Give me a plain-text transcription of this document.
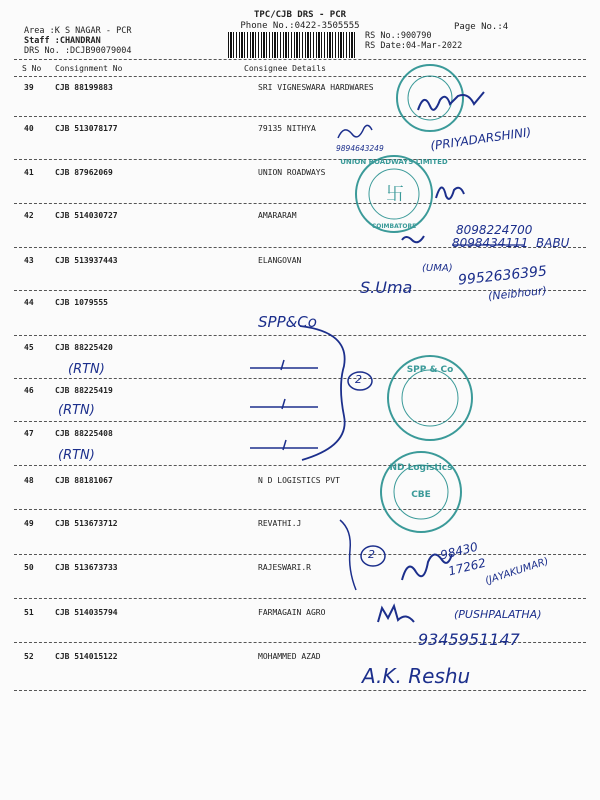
TPC/CJB DRS - PCR
Phone No.:0422-3505555
Area :K S NAGAR - PCR
Staff :CHANDRAN
DRS No. :DCJB90079004
RS No.:900790
RS Date:04-Mar-2022
Page No.:4
S No Consignment No	Consignee Details
39	CJB 88199883	SRI VIGNESWARA HARDWARES
40	CJB 513078177	79135 NITHYA
41	CJB 87962069	UNION ROADWAYS
42	CJB 514030727	AMARARAM
43	CJB 513937443	ELANGOVAN
44	CJB 1079555
45	CJB 88225420
46	CJB 88225419
47	CJB 88225408
48	CJB 88181067	N D LOGISTICS PVT
49	CJB 513673712	REVATHI.J
50	CJB 513673733	RAJESWARI.R
51	CJB 514035794	FARMAGAIN AGRO
52	CJB 514015122	MOHAMMED AZAD
UNION ROADWAYS LIMITED
COIMBATORE
卐
SPP & Co
ND Logistics
CBE
9894643249	(PRIYADARSHINI)
8098224700
8098434111 BABU
S.Uma
(UMA) 9952636395
(Neibhour)
SPP&Co
(RTN)
(RTN)
(RTN)
2
2	98430
17262
(JAYAKUMAR)
(PUSHPALATHA)
9345951147
A.K. Reshu
